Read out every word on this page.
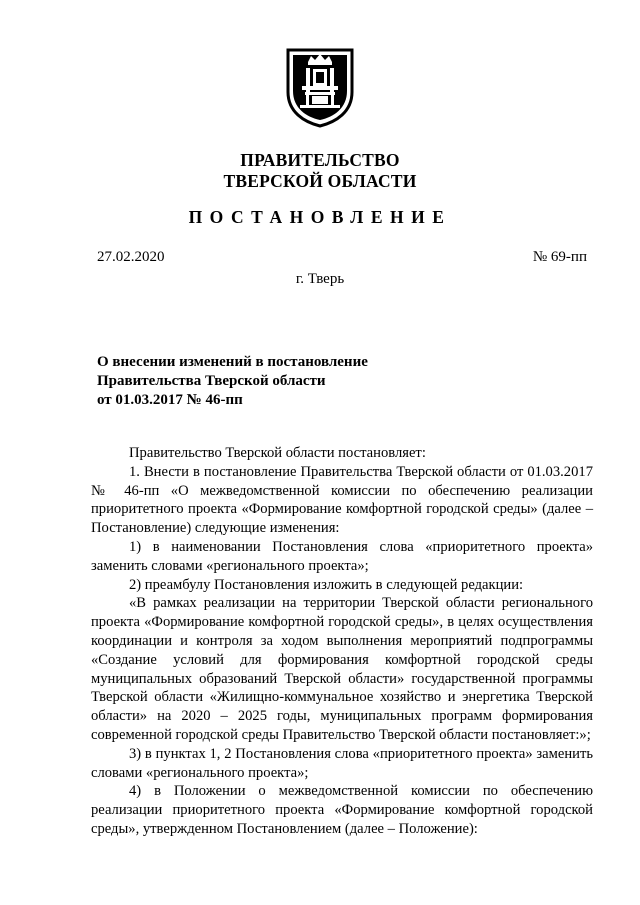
ПРАВИТЕЛЬСТВО
ТВЕРСКОЙ ОБЛАСТИ
ПОСТАНОВЛЕНИЕ
27.02.2020	№ 69-пп
г. Тверь
О внесении изменений в постановление
Правительства Тверской области
от 01.03.2017 № 46-пп

Правительство Тверской области постановляет:

1. Внести в постановление Правительства Тверской области от 01.03.2017 № 46-пп «О межведомственной комиссии по обеспечению реализации приоритетного проекта «Формирование комфортной городской среды» (далее – Постановление) следующие изменения:

1) в наименовании Постановления слова «приоритетного проекта» заменить словами «регионального проекта»;

2) преамбулу Постановления изложить в следующей редакции:

«В рамках реализации на территории Тверской области регионального проекта «Формирование комфортной городской среды», в целях осуществления координации и контроля за ходом выполнения мероприятий подпрограммы «Создание условий для формирования комфортной городской среды муниципальных образований Тверской области» государственной программы Тверской области «Жилищно-коммунальное хозяйство и энергетика Тверской области» на 2020 – 2025 годы, муниципальных программ формирования современной городской среды Правительство Тверской области постановляет:»;

3) в пунктах 1, 2 Постановления слова «приоритетного проекта» заменить словами «регионального проекта»;

4) в Положении о межведомственной комиссии по обеспечению реализации приоритетного проекта «Формирование комфортной городской среды», утвержденном Постановлением (далее – Положение):
